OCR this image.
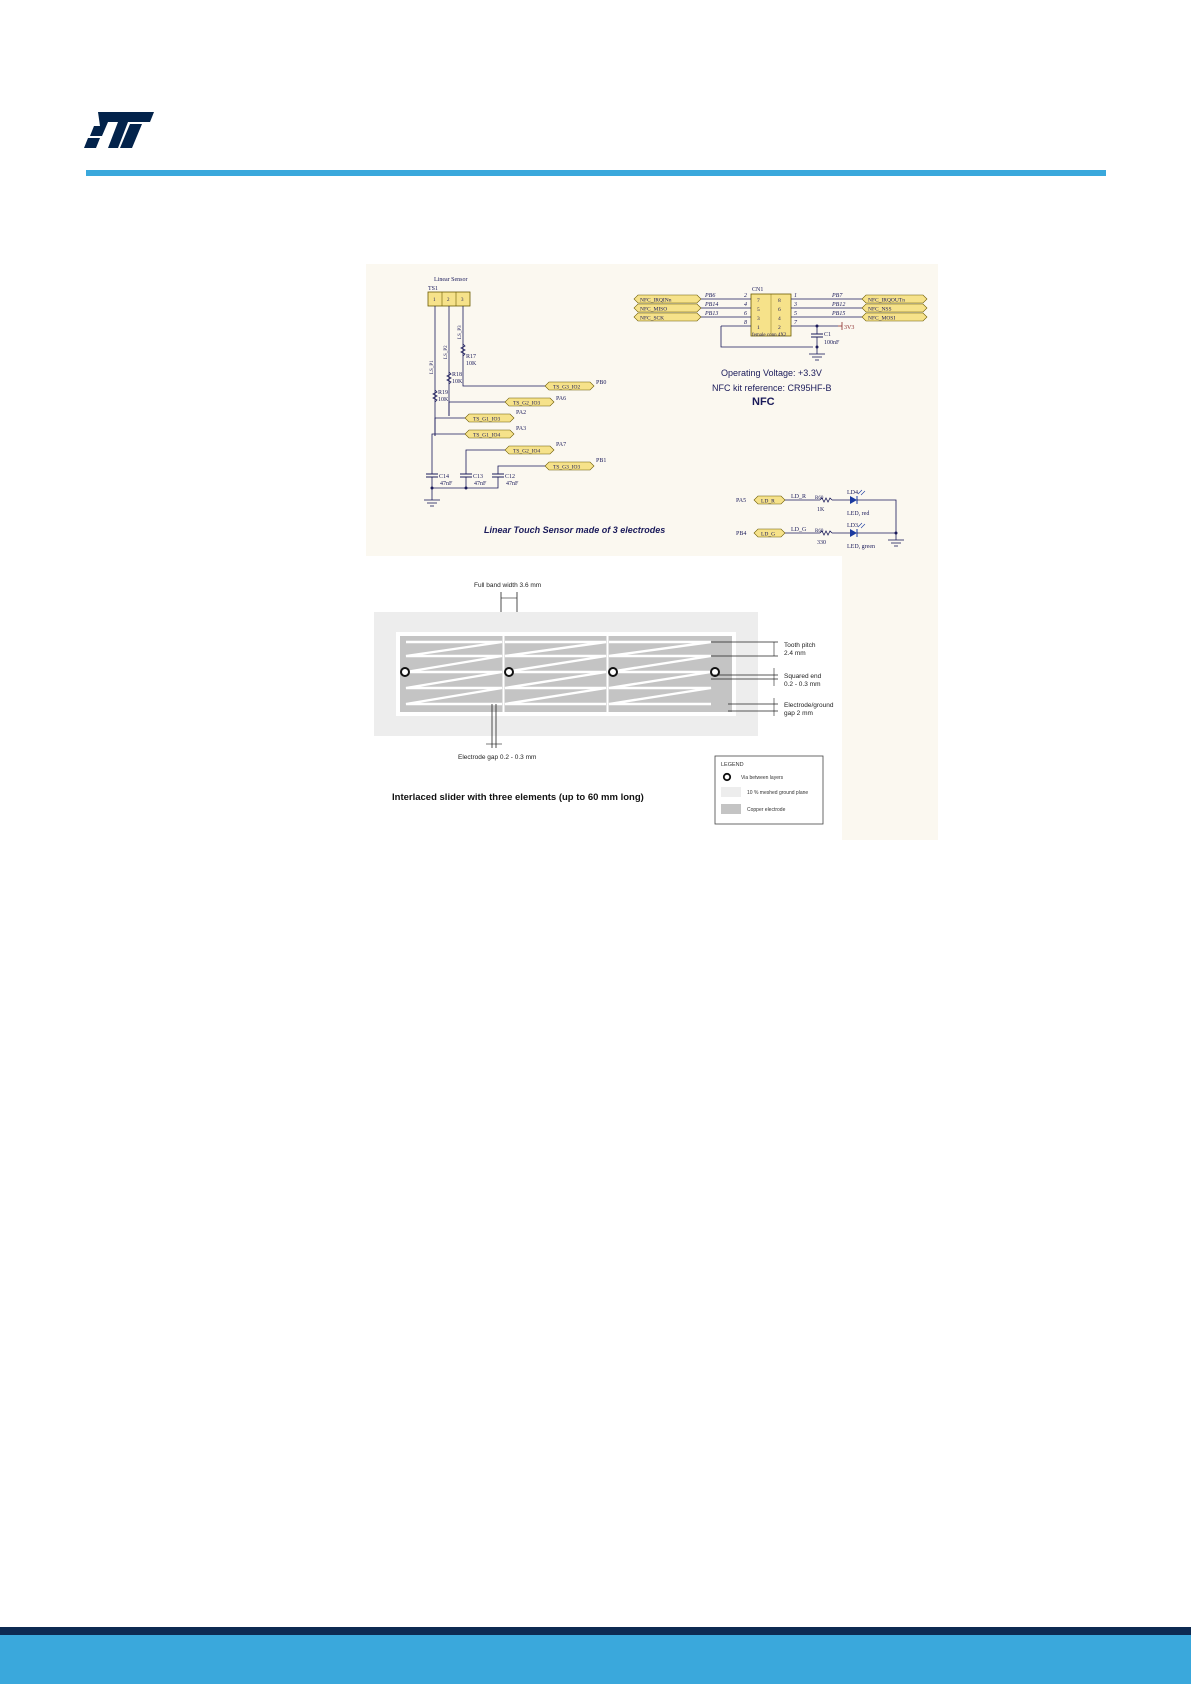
Linear Sensor
TS1
1 2 3
LS_P1
LS_P2
LS_P3
R17
10K
R18
10K
R19
10K
TS_G3_IO2
PB0
TS_G2_IO3
PA6
TS_G1_IO3
PA2
TS_G1_IO4
PA3
TS_G2_IO4
PA7
TS_G3_IO3
PB1
C14
47nF
C13
47nF
C12
47nF
Linear Touch Sensor made of 3 electrodes
CN1
7
5
3
1
8
6
4
2
female conn 4X2
PB6
PB14
PB13
2
4
6
8
NFC_IRQINn
NFC_MISO
NFC_SCK
1
3
5
7
PB7
PB12
PB15
NFC_IRQOUTn
NFC_NSS
NFC_MOSI
3V3
C1
100nF
Operating Voltage: +3.3V
NFC kit reference: CR95HF-B
NFC
PA5	LD_R
LD_R R60
1K
LD4
LED, red
PB4	LD_G
LD_G R60
330
LD3
LED, green
Full band width 3.6 mm
Tooth pitch
2.4 mm
Squared end
0.2 - 0.3 mm
Electrode/ground
gap 2 mm
Electrode gap 0.2 - 0.3 mm
Interlaced slider with three elements (up to 60 mm long)
LEGEND
Via between layers
10 % meshed ground plane
Copper electrode
